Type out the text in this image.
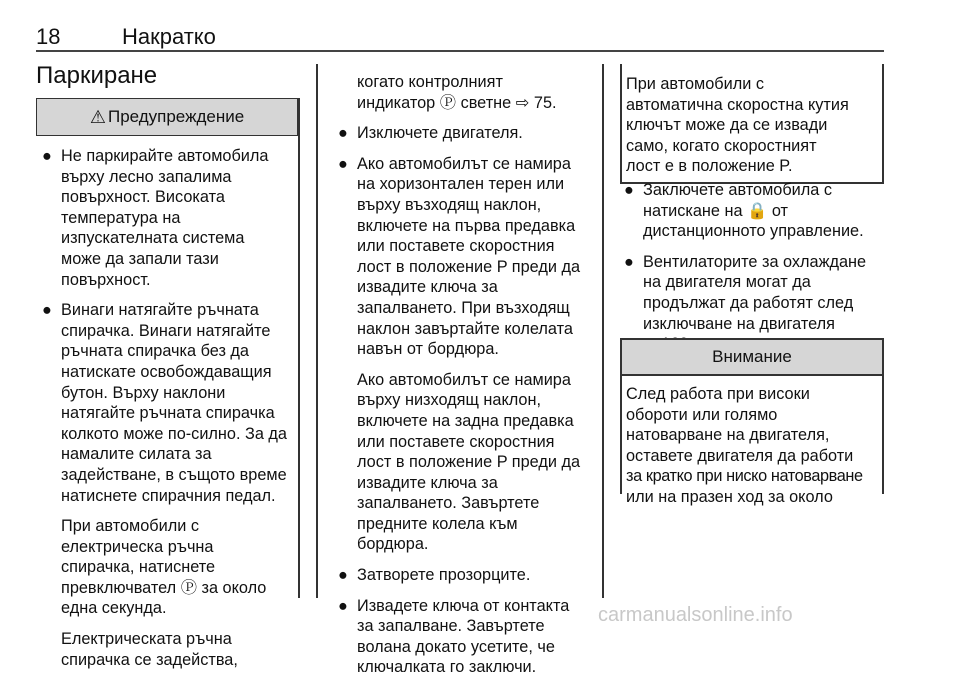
18	Накратко
Паркиране
⚠ Предупреждение
● Не паркирайте автомобила

върху лесно запалима

повърхност. Високата

температура на

изпускателната система

може да запали тази

повърхност.

● Винаги натягайте ръчната

спирачка. Винаги натягайте

ръчната спирачка без да

натискате освобождаващия

бутон. Върху наклони

натягайте ръчната спирачка

колкото може по-силно. За да

намалите силата за

задействане, в същото време

натиснете спирачния педал.

При автомобили с

електрическа ръчна

спирачка, натиснете

превключвател Ⓟ за около

една секунда.

Електрическата ръчна

спирачка се задейства,

когато контролният

индикатор Ⓟ светне ⇨ 75.

● Изключете двигателя.

● Ако автомобилът се намира

на хоризонтален терен или

върху възходящ наклон,

включете на първа предавка

или поставете скоростния

лост в положение P преди да

извадите ключа за

запалването. При възходящ

наклон завъртайте колелата

навън от бордюра.

Ако автомобилът се намира

върху низходящ наклон,

включете на задна предавка

или поставете скоростния

лост в положение P преди да

извадите ключа за

запалването. Завъртете

предните колела към

бордюра.

● Затворете прозорците.

● Извадете ключа от контакта

за запалване. Завъртете

волана докато усетите, че

ключалката го заключи.

При автомобили с

автоматична скоростна кутия

ключът може да се извади

само, когато скоростният

лост е в положение P.

● Заключете автомобила с

натискане на 🔒 от

дистанционното управление.

● Вентилаторите за охлаждане

на двигателя могат да

продължат да работят след

изключване на двигателя

Внимание

След работа при високи

обороти или голямо

натоварване на двигателя,

оставете двигателя да работи

за кратко при ниско натоварване

или на празен ход за около

carmanualsonline.info
